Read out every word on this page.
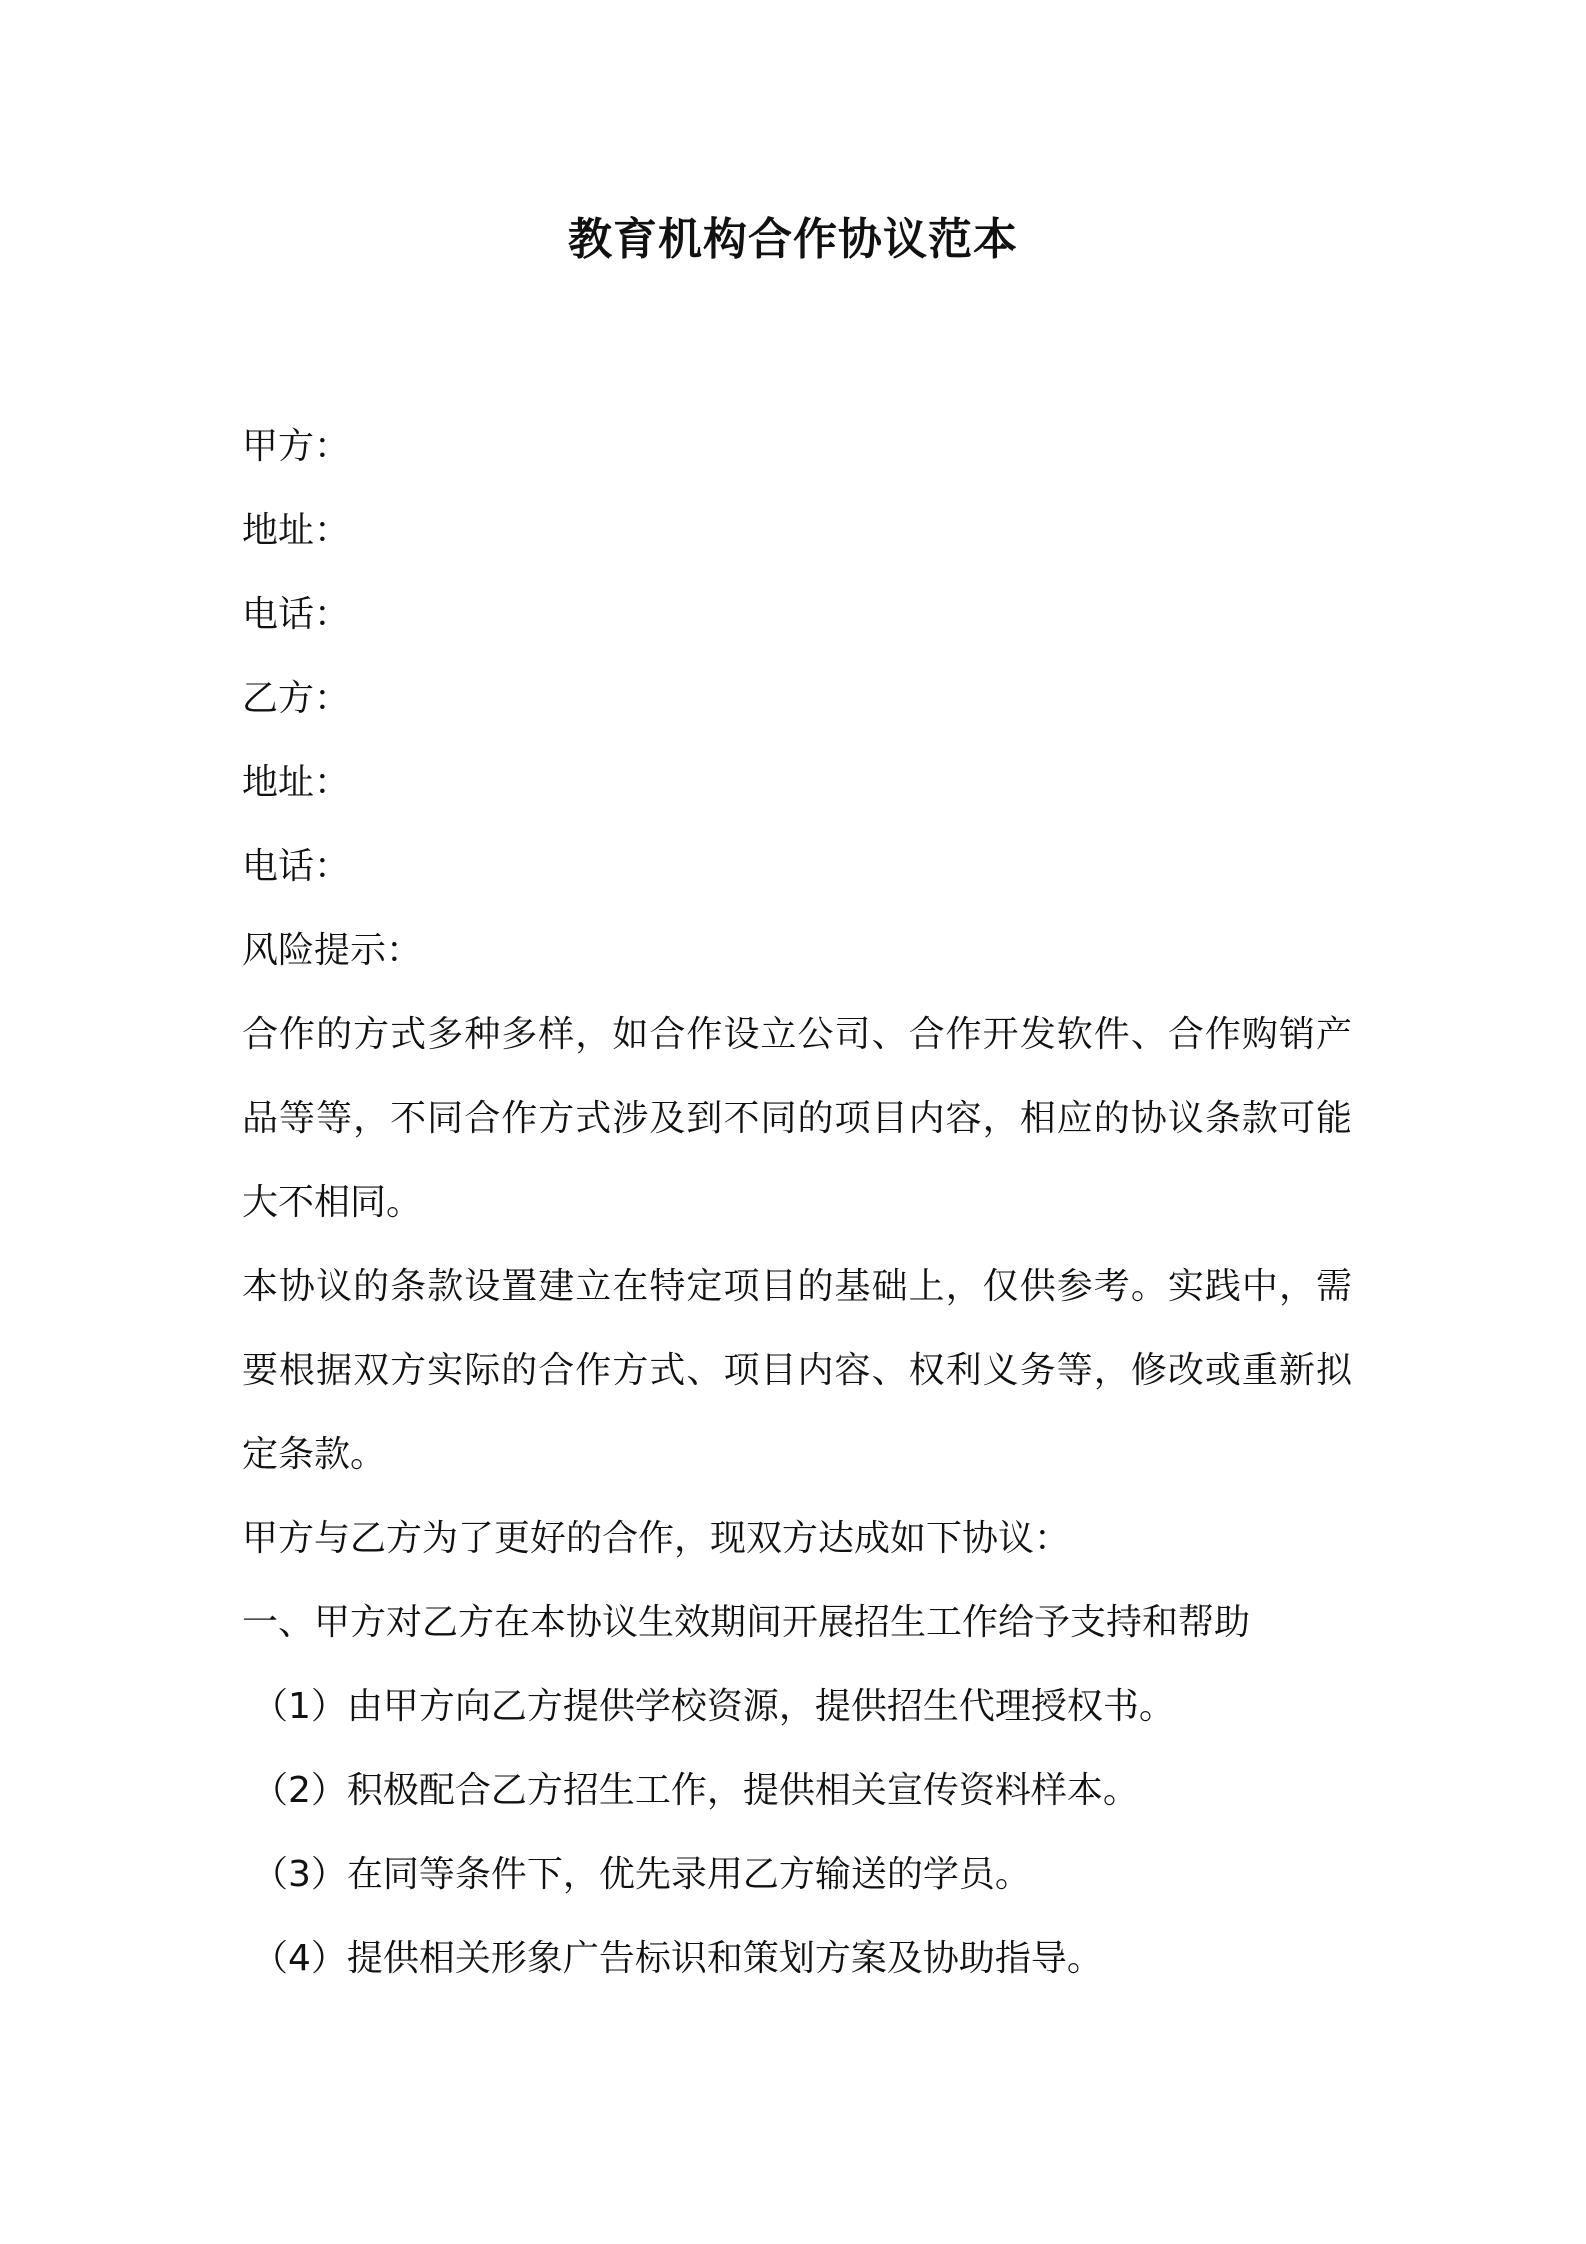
教育机构合作协议范本

甲方：

地址：

电话：

乙方：

地址：

电话：

风险提示：

合作的方式多种多样，如合作设立公司、合作开发软件、合作购销产品等等，不同合作方式涉及到不同的项目内容，相应的协议条款可能大不相同。

本协议的条款设置建立在特定项目的基础上，仅供参考。实践中，需要根据双方实际的合作方式、项目内容、权利义务等，修改或重新拟定条款。

甲方与乙方为了更好的合作，现双方达成如下协议：

一、甲方对乙方在本协议生效期间开展招生工作给予支持和帮助

（1）由甲方向乙方提供学校资源，提供招生代理授权书。

（2）积极配合乙方招生工作，提供相关宣传资料样本。

（3）在同等条件下，优先录用乙方输送的学员。

（4）提供相关形象广告标识和策划方案及协助指导。
